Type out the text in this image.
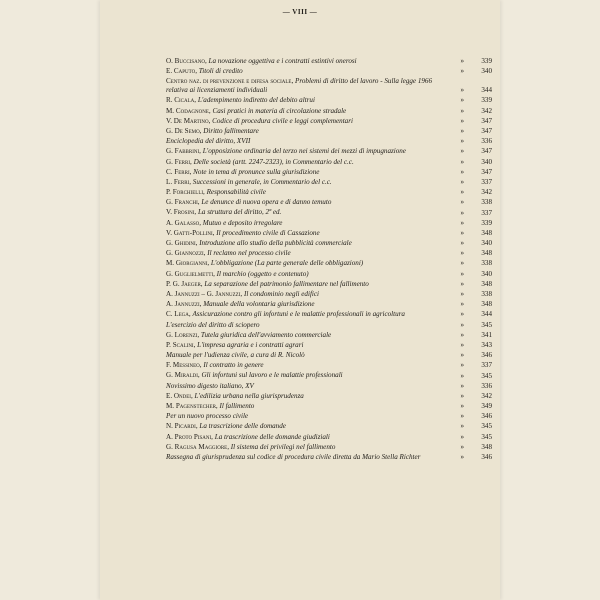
— VIII —
O. Buccisano, La novazione oggettiva e i contratti estintivi onerosi	»	339
E. Caputo, Titoli di credito	»	340
Centro naz. di prevenzione e difesa sociale, Problemi di diritto del lavoro - Sulla legge 1966 relativa ai licenziamenti individuali	»	344
R. Cicala, L'adempimento indiretto del debito altrui	»	339
M. Codagnone, Casi pratici in materia di circolazione stradale	»	342
V. De Martino, Codice di procedura civile e leggi complementari	»	347
G. De Semo, Diritto fallimentare	»	347
Enciclopedia del diritto, XVII	»	336
G. Fabbrini, L'opposizione ordinaria del terzo nei sistemi dei mezzi di impugnazione	»	347
G. Ferri, Delle società (artt. 2247-2323), in Commentario del c.c.	»	340
C. Ferri, Note in tema di pronunce sulla giurisdizione	»	347
L. Ferri, Successioni in generale, in Commentario del c.c.	»	337
P. Forchielli, Responsabilità civile	»	342
G. Franchi, Le denunce di nuova opera e di danno temuto	»	338
V. Frosini, La struttura del diritto, 2ª ed.	»	337
A. Galasso, Mutuo e deposito irregolare	»	339
V. Gatti-Pollini, Il procedimento civile di Cassazione	»	348
G. Ghidini, Introduzione allo studio della pubblicità commerciale	»	340
G. Giannozzi, Il reclamo nel processo civile	»	348
M. Giorgianni, L'obbligazione (La parte generale delle obbligazioni)	»	338
G. Guglielmetti, Il marchio (oggetto e contenuto)	»	340
P. G. Jaeger, La separazione del patrimonio fallimentare nel fallimento	»	348
A. Jannuzzi – G. Jannuzzi, Il condominio negli edifici	»	338
A. Jannuzzi, Manuale della volontaria giurisdizione	»	348
C. Lega, Assicurazione contro gli infortuni e le malattie professionali in agricoltura	»	344
L'esercizio del diritto di sciopero	»	345
G. Lorenzi, Tutela giuridica dell'avviamento commerciale	»	341
P. Scalini, L'impresa agraria e i contratti agrari	»	343
Manuale per l'udienza civile, a cura di R. Nicolò	»	346
F. Messineo, Il contratto in genere	»	337
G. Miraldi, Gli infortuni sul lavoro e le malattie professionali	»	345
Novissimo digesto italiano, XV	»	336
E. Ondei, L'edilizia urbana nella giurisprudenza	»	342
M. Pagenstecher, Il fallimento	»	349
Per un nuovo processo civile	»	346
N. Picardi, La trascrizione delle domande	»	345
A. Proto Pisani, La trascrizione delle domande giudiziali	»	345
G. Ragusa Maggiore, Il sistema dei privilegi nel fallimento	»	348
Rassegna di giurisprudenza sul codice di procedura civile diretta da Mario Stella Richter	»	346
